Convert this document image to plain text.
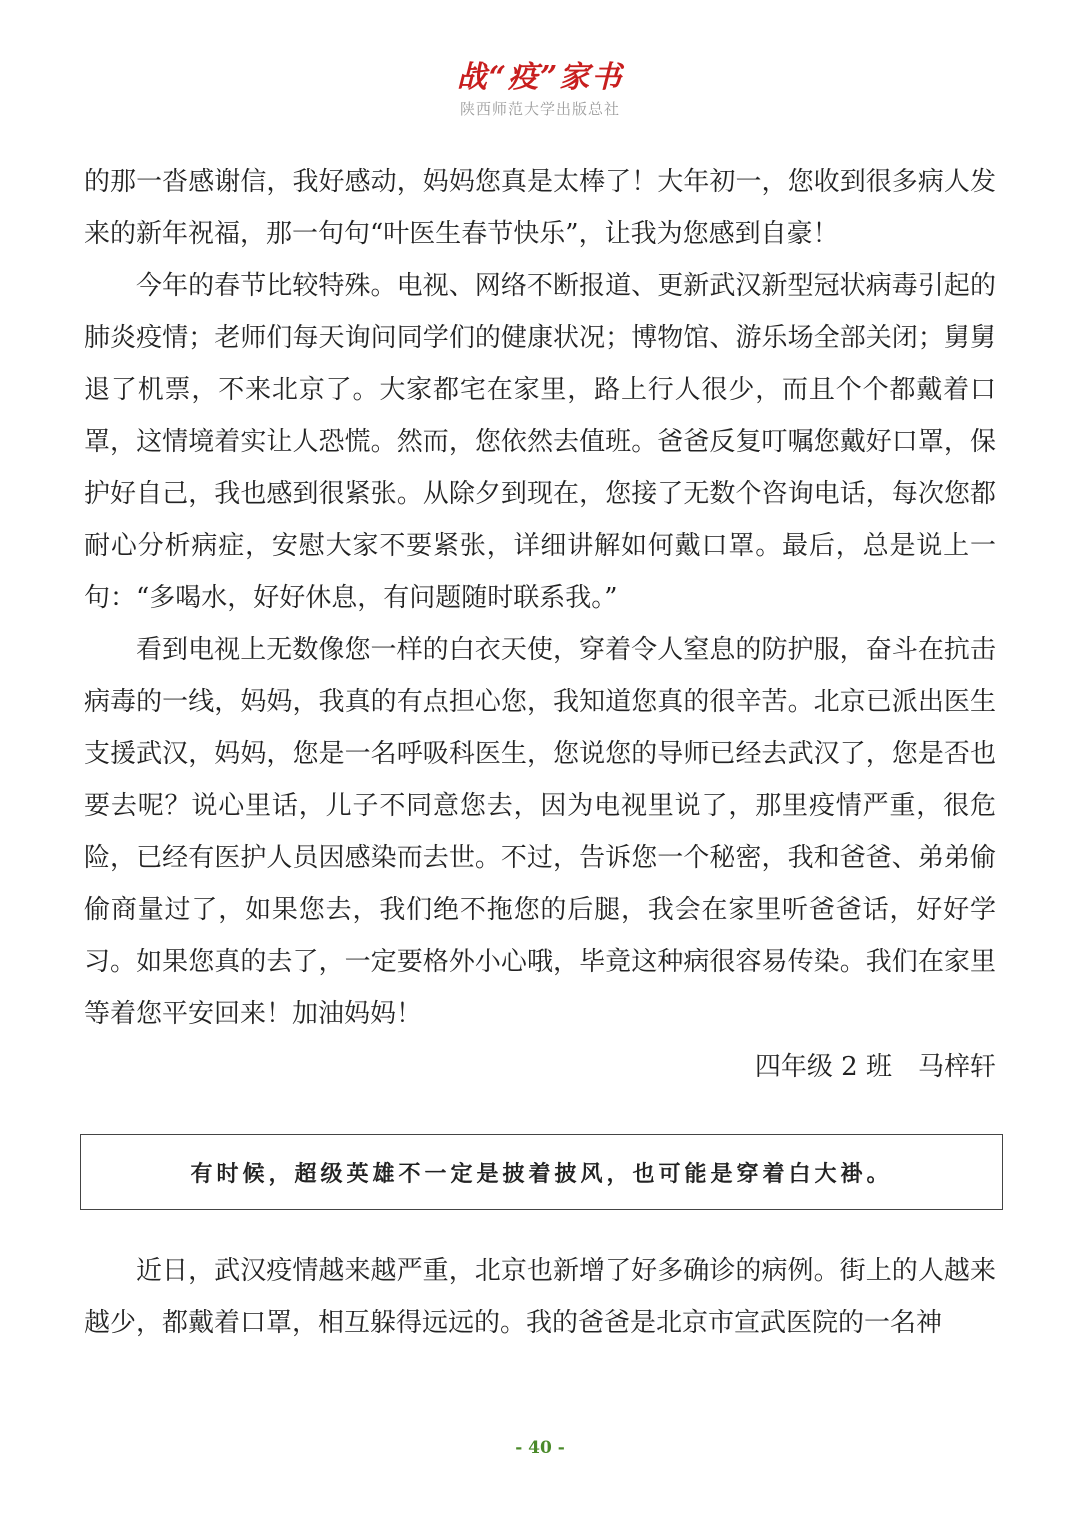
战“疫”家书
陕西师范大学出版总社

的那一沓感谢信，我好感动，妈妈您真是太棒了！大年初一，您收到很多病人发来的新年祝福，那一句句“叶医生春节快乐”，让我为您感到自豪！

今年的春节比较特殊。电视、网络不断报道、更新武汉新型冠状病毒引起的肺炎疫情；老师们每天询问同学们的健康状况；博物馆、游乐场全部关闭；舅舅退了机票，不来北京了。大家都宅在家里，路上行人很少，而且个个都戴着口罩，这情境着实让人恐慌。然而，您依然去值班。爸爸反复叮嘱您戴好口罩，保护好自己，我也感到很紧张。从除夕到现在，您接了无数个咨询电话，每次您都耐心分析病症，安慰大家不要紧张，详细讲解如何戴口罩。最后，总是说上一句：“多喝水，好好休息，有问题随时联系我。”

看到电视上无数像您一样的白衣天使，穿着令人窒息的防护服，奋斗在抗击病毒的一线，妈妈，我真的有点担心您，我知道您真的很辛苦。北京已派出医生支援武汉，妈妈，您是一名呼吸科医生，您说您的导师已经去武汉了，您是否也要去呢？说心里话，儿子不同意您去，因为电视里说了，那里疫情严重，很危险，已经有医护人员因感染而去世。不过，告诉您一个秘密，我和爸爸、弟弟偷偷商量过了，如果您去，我们绝不拖您的后腿，我会在家里听爸爸话，好好学习。如果您真的去了，一定要格外小心哦，毕竟这种病很容易传染。我们在家里等着您平安回来！加油妈妈！

四年级 2 班　马梓轩
有时候，超级英雄不一定是披着披风，也可能是穿着白大褂。

近日，武汉疫情越来越严重，北京也新增了好多确诊的病例。街上的人越来越少，都戴着口罩，相互躲得远远的。我的爸爸是北京市宣武医院的一名神

- 40 -
